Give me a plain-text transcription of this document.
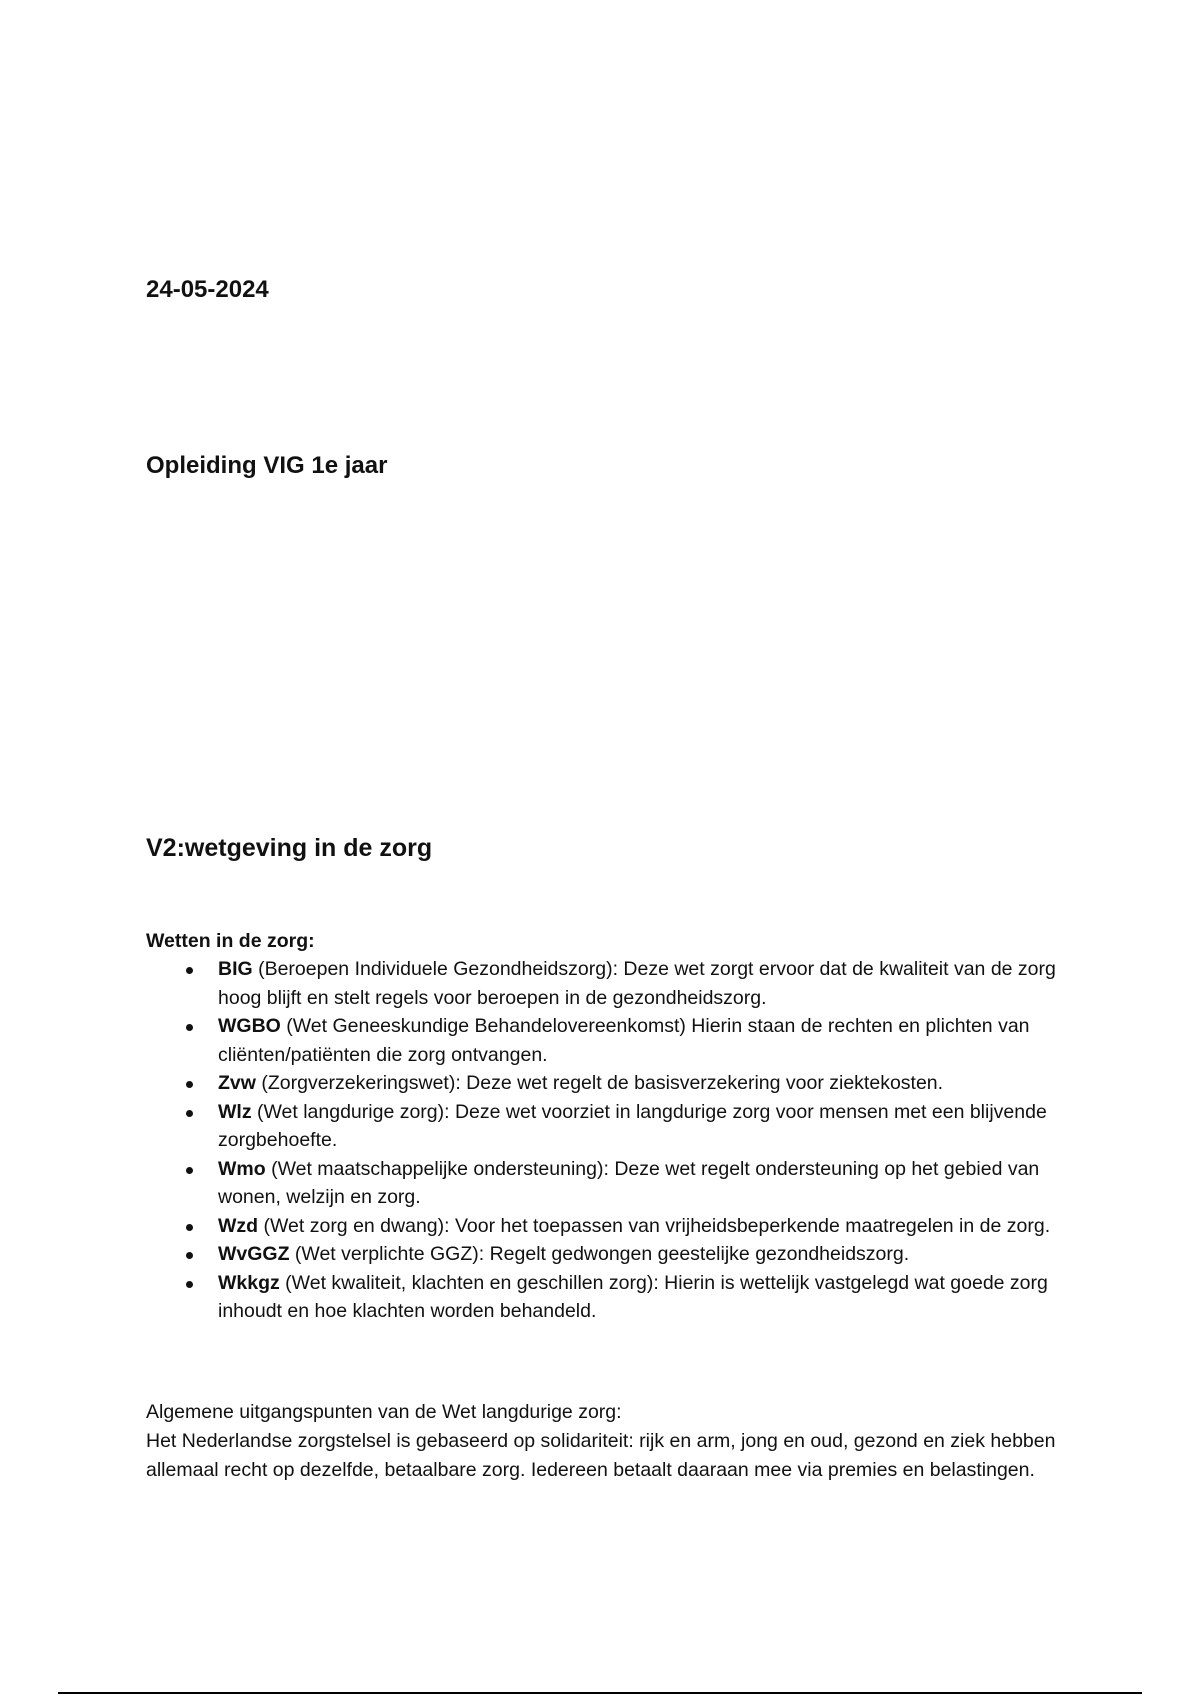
24-05-2024
Opleiding VIG 1e jaar
V2:wetgeving in de zorg

Wetten in de zorg:

BIG (Beroepen Individuele Gezondheidszorg): Deze wet zorgt ervoor dat de kwaliteit van de zorg hoog blijft en stelt regels voor beroepen in de gezondheidszorg.
WGBO (Wet Geneeskundige Behandelovereenkomst) Hierin staan de rechten en plichten van cliënten/patiënten die zorg ontvangen.
Zvw (Zorgverzekeringswet): Deze wet regelt de basisverzekering voor ziektekosten.
Wlz (Wet langdurige zorg): Deze wet voorziet in langdurige zorg voor mensen met een blijvende zorgbehoefte.
Wmo (Wet maatschappelijke ondersteuning): Deze wet regelt ondersteuning op het gebied van wonen, welzijn en zorg.
Wzd (Wet zorg en dwang): Voor het toepassen van vrijheidsbeperkende maatregelen in de zorg.
WvGGZ (Wet verplichte GGZ): Regelt gedwongen geestelijke gezondheidszorg.
Wkkgz (Wet kwaliteit, klachten en geschillen zorg): Hierin is wettelijk vastgelegd wat goede zorg inhoudt en hoe klachten worden behandeld.
Algemene uitgangspunten van de Wet langdurige zorg:
Het Nederlandse zorgstelsel is gebaseerd op solidariteit: rijk en arm, jong en oud, gezond en ziek hebben allemaal recht op dezelfde, betaalbare zorg. Iedereen betaalt daaraan mee via premies en belastingen.
